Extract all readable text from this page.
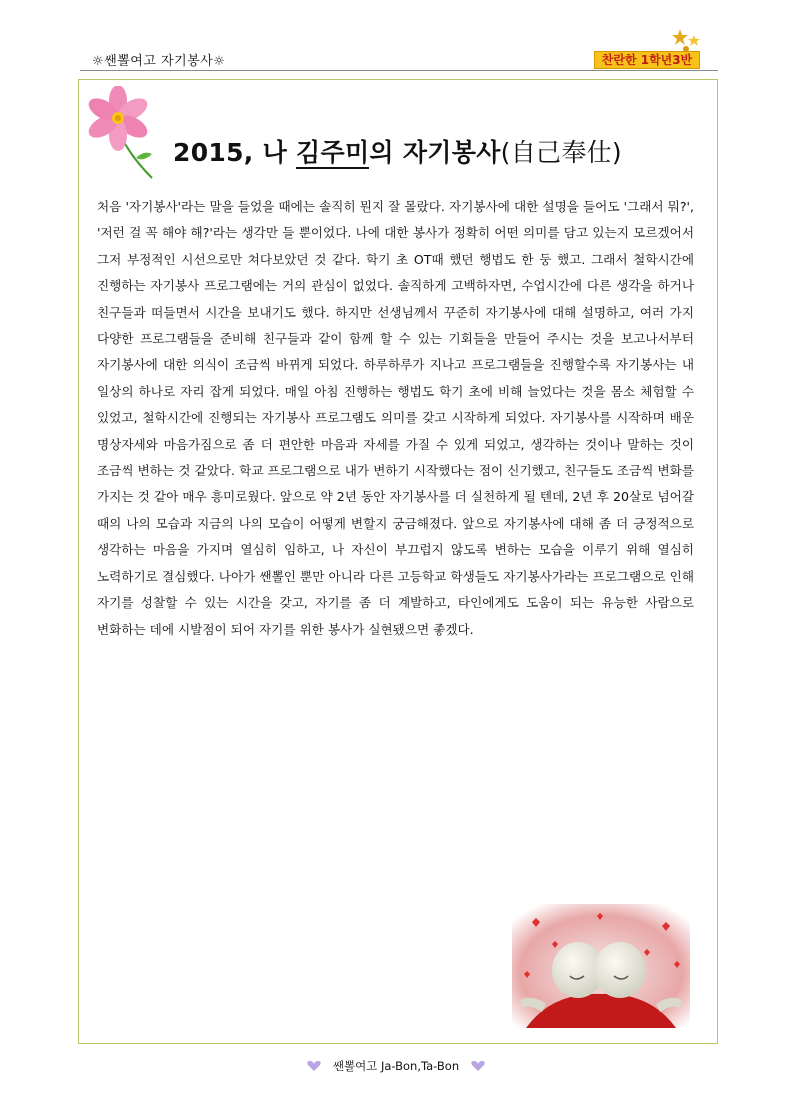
☼쌘뽈여고 자기봉사☼	찬란한 1학년3반
2015, 나 김주미의 자기봉사(自己奉仕)

처음 '자기봉사'라는 말을 들었을 때에는 솔직히 뭔지 잘 몰랐다. 자기봉사에 대한 설명을 들어도 '그래서 뭐?', '저런 걸 꼭 해야 해?'라는 생각만 들 뿐이었다. 나에 대한 봉사가 정확히 어떤 의미를 담고 있는지 모르겠어서 그저 부정적인 시선으로만 쳐다보았던 것 같다. 학기 초 OT때 했던 행법도 한 둥 했고. 그래서 철학시간에 진행하는 자기봉사 프로그램에는 거의 관심이 없었다. 솔직하게 고백하자면, 수업시간에 다른 생각을 하거나 친구들과 떠들면서 시간을 보내기도 했다. 하지만 선생님께서 꾸준히 자기봉사에 대해 설명하고, 여러 가지 다양한 프로그램들을 준비해 친구들과 같이 함께 할 수 있는 기회들을 만들어 주시는 것을 보고나서부터 자기봉사에 대한 의식이 조금씩 바뀌게 되었다. 하루하루가 지나고 프로그램들을 진행할수록 자기봉사는 내 일상의 하나로 자리 잡게 되었다. 매일 아침 진행하는 행법도 학기 초에 비해 늘었다는 것을 몸소 체험할 수 있었고, 철학시간에 진행되는 자기봉사 프로그램도 의미를 갖고 시작하게 되었다. 자기봉사를 시작하며 배운 명상자세와 마음가짐으로 좀 더 편안한 마음과 자세를 가질 수 있게 되었고, 생각하는 것이나 말하는 것이 조금씩 변하는 것 같았다. 학교 프로그램으로 내가 변하기 시작했다는 점이 신기했고, 친구들도 조금씩 변화를 가지는 것 같아 매우 흥미로웠다. 앞으로 약 2년 동안 자기봉사를 더 실천하게 될 텐데, 2년 후 20살로 넘어갈 때의 나의 모습과 지금의 나의 모습이 어떻게 변할지 궁금해졌다. 앞으로 자기봉사에 대해 좀 더 긍정적으로 생각하는 마음을 가지며 열심히 임하고, 나 자신이 부끄럽지 않도록 변하는 모습을 이루기 위해 열심히 노력하기로 결심했다. 나아가 쌘뽈인 뿐만 아니라 다른 고등학교 학생들도 자기봉사가라는 프로그램으로 인해 자기를 성찰할 수 있는 시간을 갖고, 자기를 좀 더 계발하고, 타인에게도 도움이 되는 유능한 사람으로 변화하는 데에 시발점이 되어 자기를 위한 봉사가 실현됐으면 좋겠다.

쌘뽈여고 Ja-Bon,Ta-Bon
